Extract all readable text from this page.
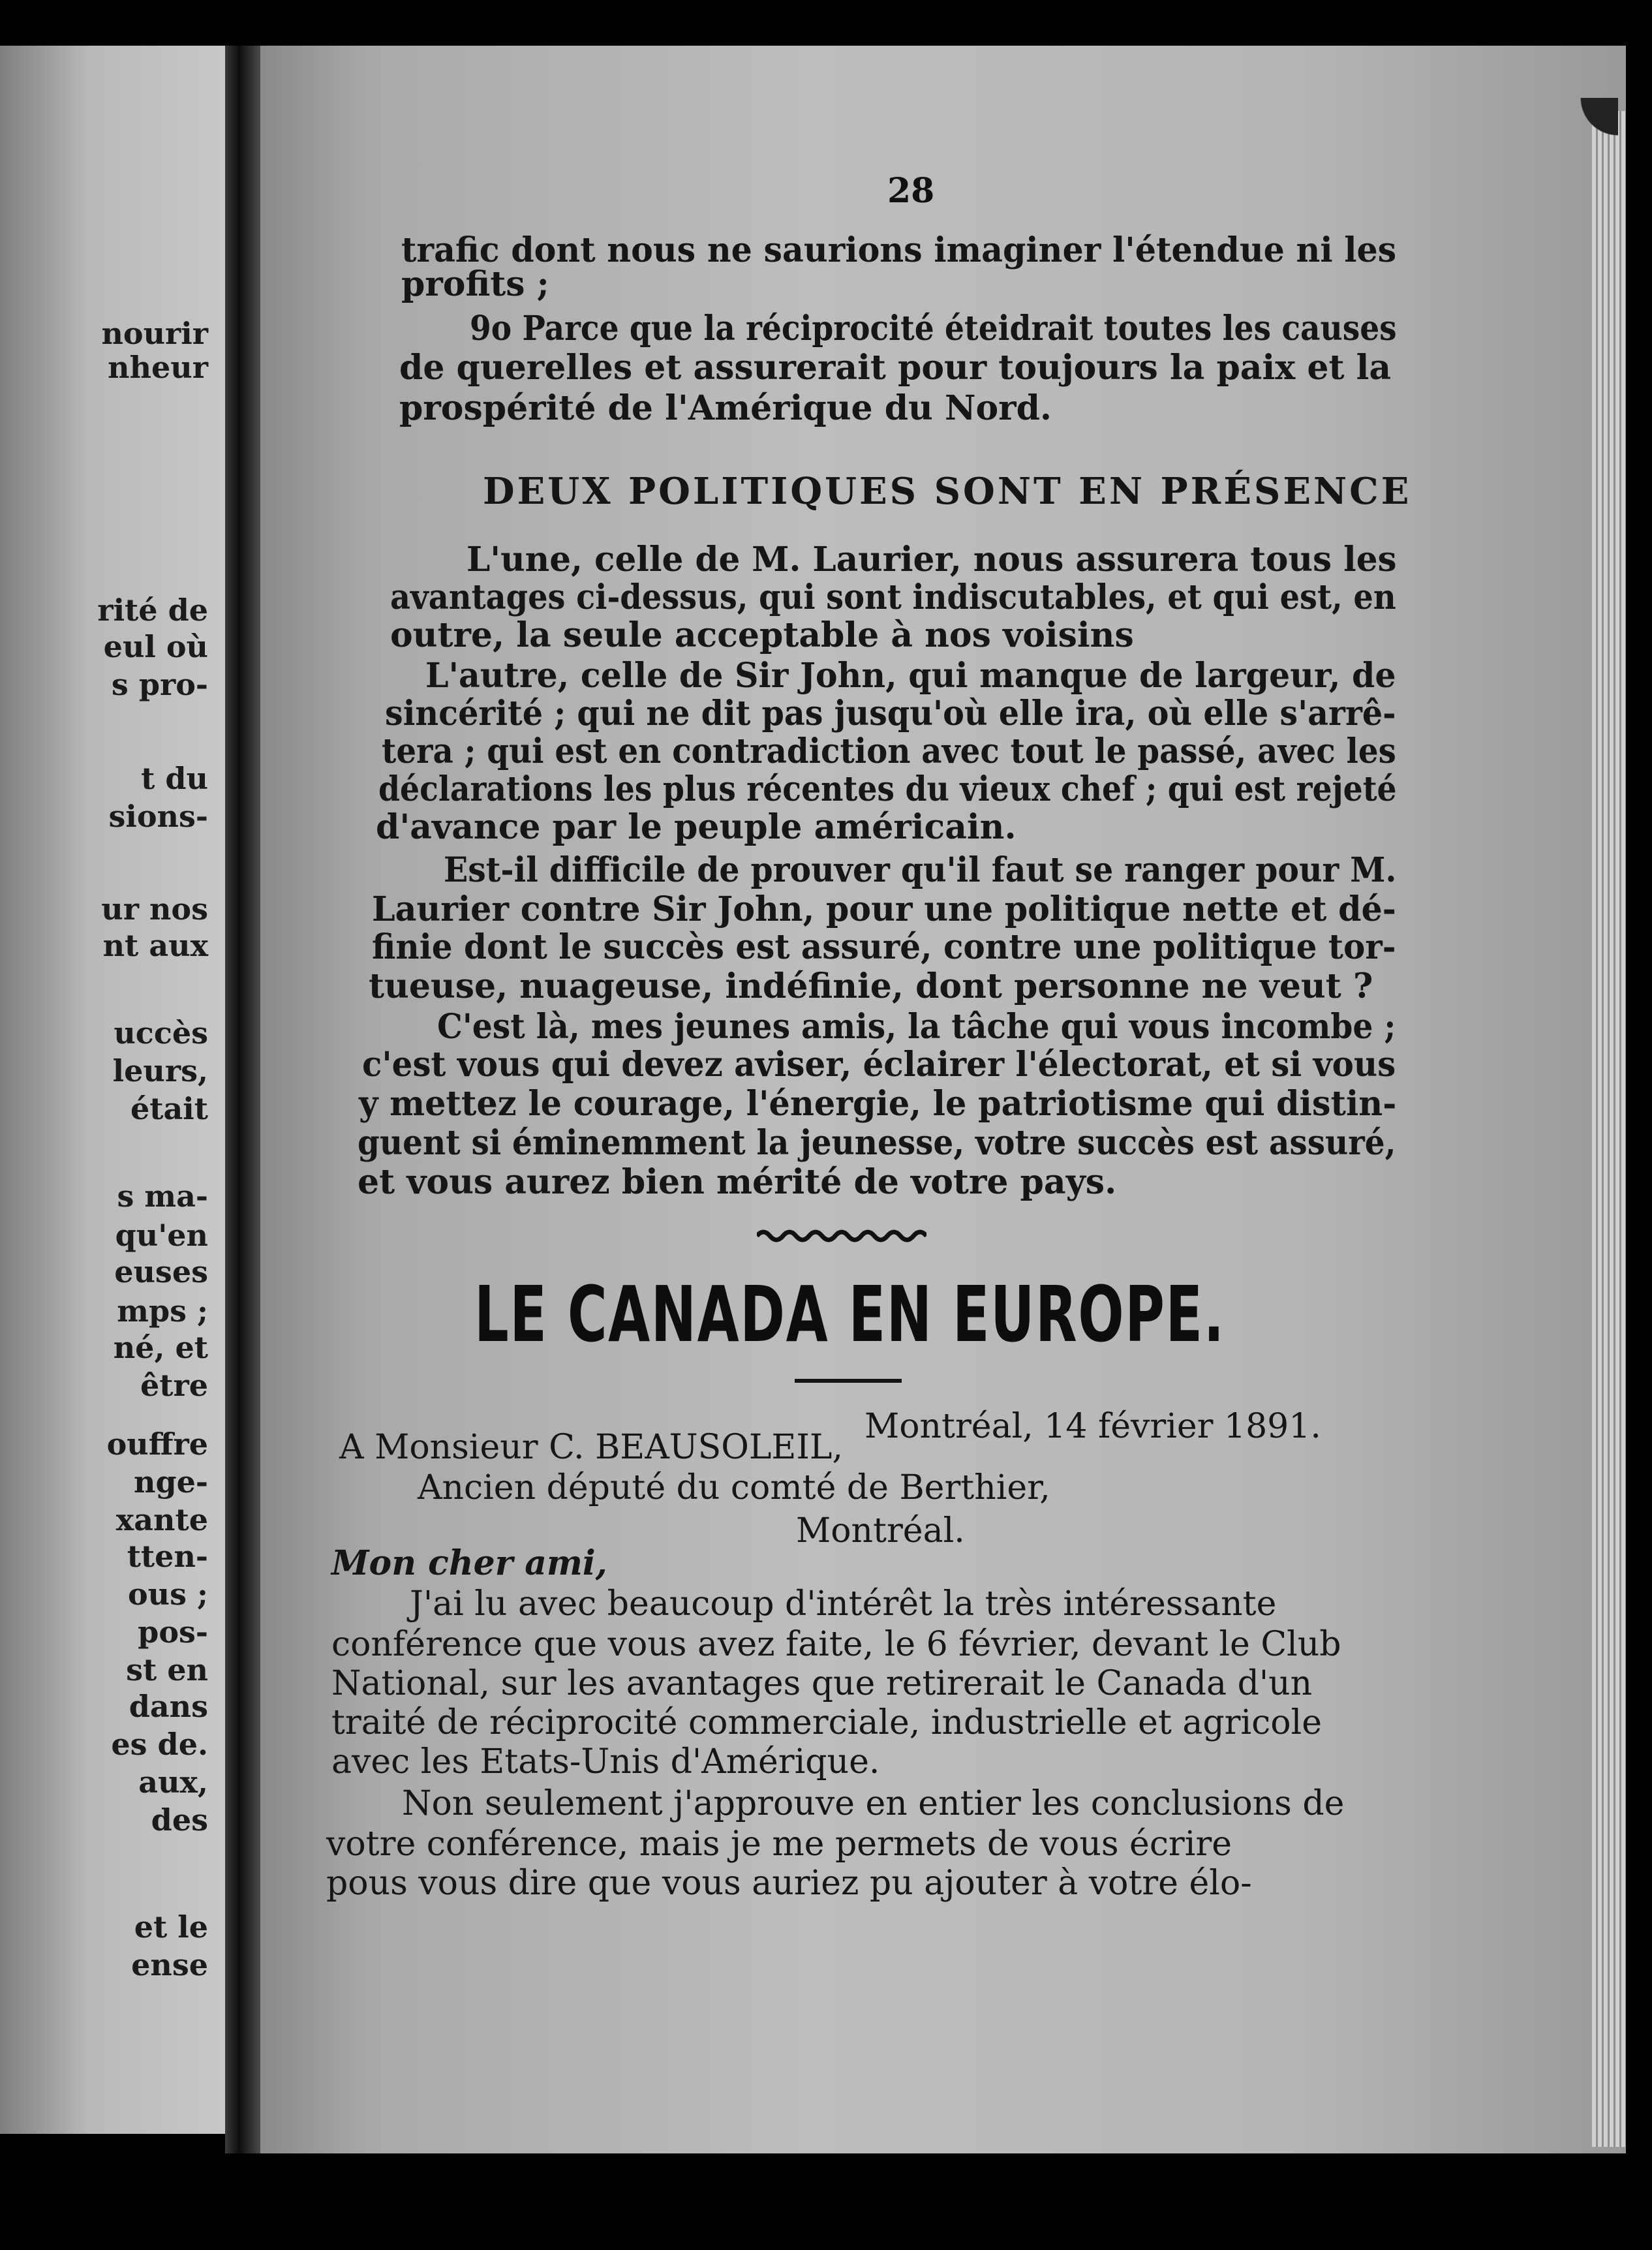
nourir
nheur
rité de
eul où
s pro-
t du
sions-
ur nos
nt aux
uccès
leurs,
était
s ma-
qu'en
euses
mps ;
né, et
être
ouffre
nge-
xante
tten-
ous ;
pos-
st en
dans
es de.
aux,
des
et le
ense
28
trafic dont nous ne saurions imaginer l'étendue ni les
profits ;
9o Parce que la réciprocité éteidrait toutes les causes
de querelles et assurerait pour toujours la paix et la
prospérité de l'Amérique du Nord.
DEUX POLITIQUES SONT EN PRÉSENCE
L'une, celle de M. Laurier, nous assurera tous les
avantages ci-dessus, qui sont indiscutables, et qui est, en
outre, la seule acceptable à nos voisins
L'autre, celle de Sir John, qui manque de largeur, de
sincérité ; qui ne dit pas jusqu'où elle ira, où elle s'arrê-
tera ; qui est en contradiction avec tout le passé, avec les
déclarations les plus récentes du vieux chef ; qui est rejeté
d'avance par le peuple américain.
Est-il difficile de prouver qu'il faut se ranger pour M.
Laurier contre Sir John, pour une politique nette et dé-
finie dont le succès est assuré, contre une politique tor-
tueuse, nuageuse, indéfinie, dont personne ne veut ?
C'est là, mes jeunes amis, la tâche qui vous incombe ;
c'est vous qui devez aviser, éclairer l'électorat, et si vous
y mettez le courage, l'énergie, le patriotisme qui distin-
guent si éminemment la jeunesse, votre succès est assuré,
et vous aurez bien mérité de votre pays.
LE CANADA EN EUROPE.
Montréal, 14 février 1891.
A Monsieur C. BEAUSOLEIL,
Ancien député du comté de Berthier,
Montréal.
Mon cher ami,
J'ai lu avec beaucoup d'intérêt la très intéressante
conférence que vous avez faite, le 6 février, devant le Club
National, sur les avantages que retirerait le Canada d'un
traité de réciprocité commerciale, industrielle et agricole
avec les Etats-Unis d'Amérique.
Non seulement j'approuve en entier les conclusions de
votre conférence, mais je me permets de vous écrire
pous vous dire que vous auriez pu ajouter à votre élo-
